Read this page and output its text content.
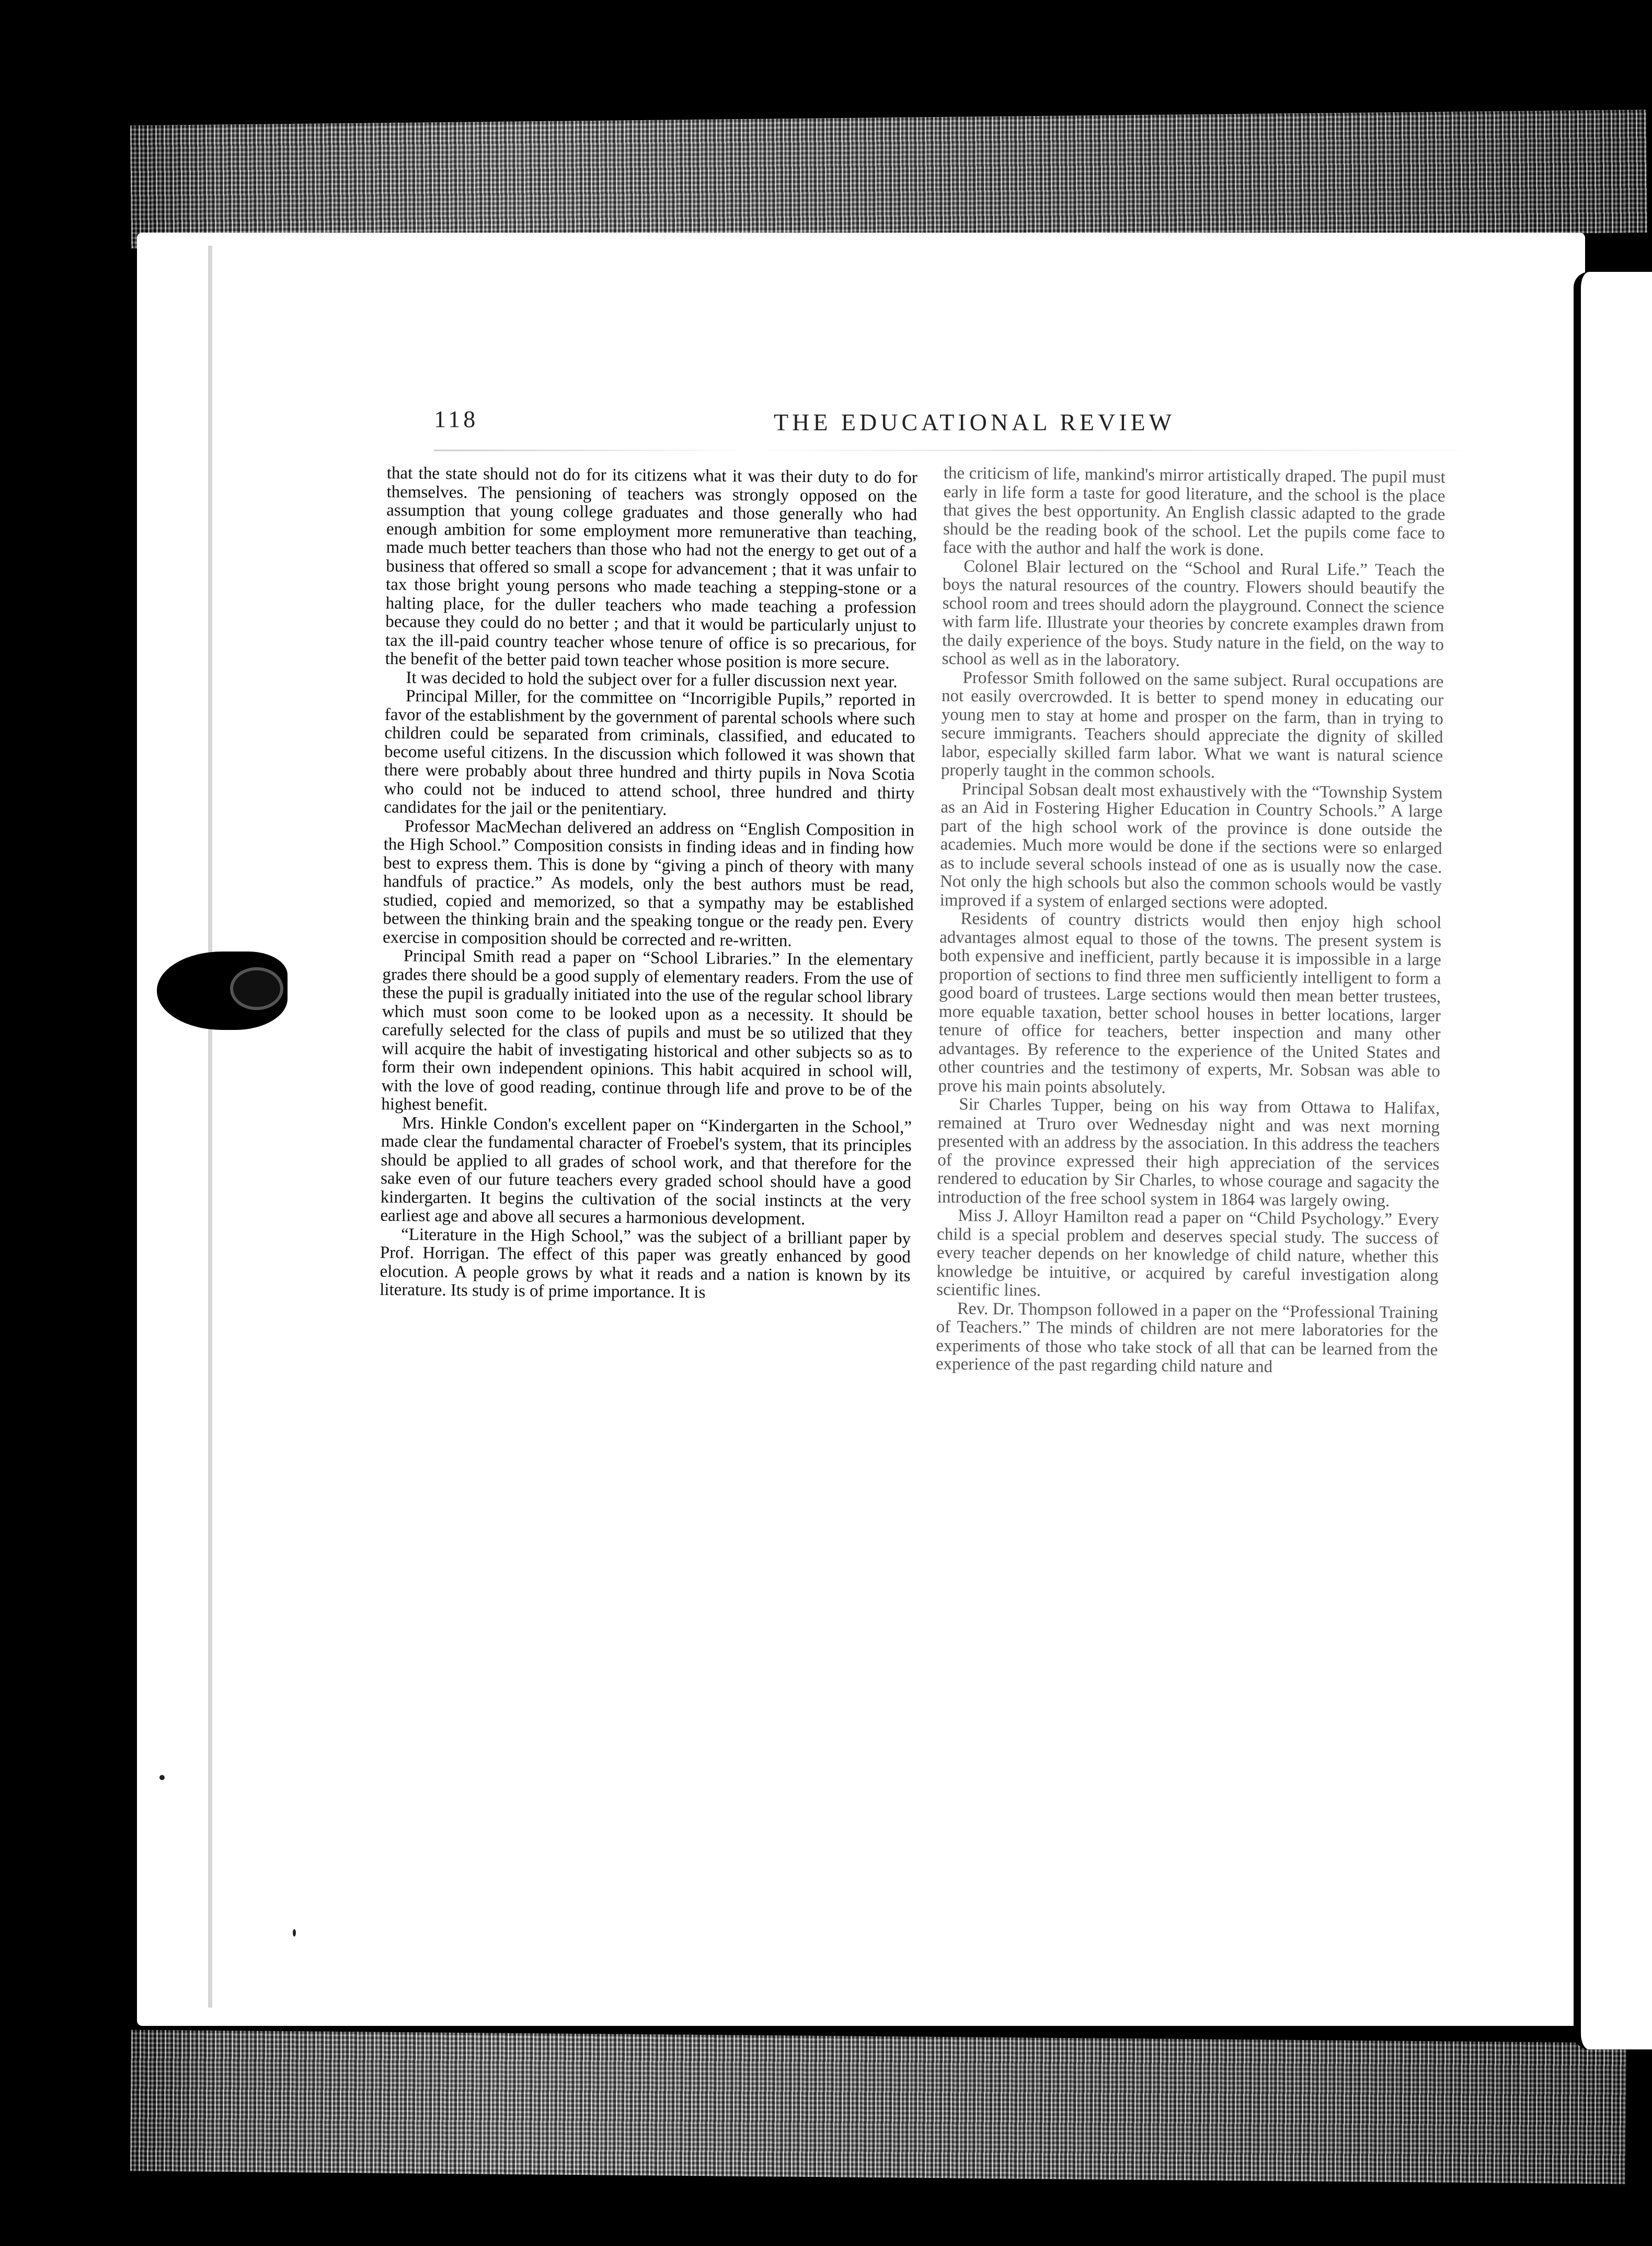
118	THE EDUCATIONAL REVIEW

that the state should not do for its citizens what it was their duty to do for themselves. The pensioning of teachers was strongly opposed on the assumption that young college graduates and those generally who had enough ambition for some employment more remunerative than teaching, made much better teachers than those who had not the energy to get out of a business that offered so small a scope for advancement ; that it was unfair to tax those bright young persons who made teaching a stepping-stone or a halting place, for the duller teachers who made teaching a profession because they could do no better ; and that it would be particularly unjust to tax the ill-paid country teacher whose tenure of office is so precarious, for the benefit of the better paid town teacher whose position is more secure.

It was decided to hold the subject over for a fuller discussion next year.

Principal Miller, for the committee on “Incorrigible Pupils,” reported in favor of the establishment by the government of parental schools where such children could be separated from criminals, classified, and educated to become useful citizens. In the discussion which followed it was shown that there were probably about three hundred and thirty pupils in Nova Scotia who could not be induced to attend school, three hundred and thirty candidates for the jail or the penitentiary.

Professor MacMechan delivered an address on “English Composition in the High School.” Composition consists in finding ideas and in finding how best to express them. This is done by “giving a pinch of theory with many handfuls of practice.” As models, only the best authors must be read, studied, copied and memorized, so that a sympathy may be established between the thinking brain and the speaking tongue or the ready pen. Every exercise in composition should be corrected and re-written.

Principal Smith read a paper on “School Libraries.” In the elementary grades there should be a good supply of elementary readers. From the use of these the pupil is gradually initiated into the use of the regular school library which must soon come to be looked upon as a necessity. It should be carefully selected for the class of pupils and must be so utilized that they will acquire the habit of investigating historical and other subjects so as to form their own independent opinions. This habit acquired in school will, with the love of good reading, continue through life and prove to be of the highest benefit.

Mrs. Hinkle Condon's excellent paper on “Kindergarten in the School,” made clear the fundamental character of Froebel's system, that its principles should be applied to all grades of school work, and that therefore for the sake even of our future teachers every graded school should have a good kindergarten. It begins the cultivation of the social instincts at the very earliest age and above all secures a harmonious development.

“Literature in the High School,” was the subject of a brilliant paper by Prof. Horrigan. The effect of this paper was greatly enhanced by good elocution. A people grows by what it reads and a nation is known by its literature. Its study is of prime importance. It is

the criticism of life, mankind's mirror artistically draped. The pupil must early in life form a taste for good literature, and the school is the place that gives the best opportunity. An English classic adapted to the grade should be the reading book of the school. Let the pupils come face to face with the author and half the work is done.

Colonel Blair lectured on the “School and Rural Life.” Teach the boys the natural resources of the country. Flowers should beautify the school room and trees should adorn the playground. Connect the science with farm life. Illustrate your theories by concrete examples drawn from the daily experience of the boys. Study nature in the field, on the way to school as well as in the laboratory.

Professor Smith followed on the same subject. Rural occupations are not easily overcrowded. It is better to spend money in educating our young men to stay at home and prosper on the farm, than in trying to secure immigrants. Teachers should appreciate the dignity of skilled labor, especially skilled farm labor. What we want is natural science properly taught in the common schools.

Principal Sobsan dealt most exhaustively with the “Township System as an Aid in Fostering Higher Education in Country Schools.” A large part of the high school work of the province is done outside the academies. Much more would be done if the sections were so enlarged as to include several schools instead of one as is usually now the case. Not only the high schools but also the common schools would be vastly improved if a system of enlarged sections were adopted.

Residents of country districts would then enjoy high school advantages almost equal to those of the towns. The present system is both expensive and inefficient, partly because it is impossible in a large proportion of sections to find three men sufficiently intelligent to form a good board of trustees. Large sections would then mean better trustees, more equable taxation, better school houses in better locations, larger tenure of office for teachers, better inspection and many other advantages. By reference to the experience of the United States and other countries and the testimony of experts, Mr. Sobsan was able to prove his main points absolutely.

Sir Charles Tupper, being on his way from Ottawa to Halifax, remained at Truro over Wednesday night and was next morning presented with an address by the association. In this address the teachers of the province expressed their high appreciation of the services rendered to education by Sir Charles, to whose courage and sagacity the introduction of the free school system in 1864 was largely owing.

Miss J. Alloyr Hamilton read a paper on “Child Psychology.” Every child is a special problem and deserves special study. The success of every teacher depends on her knowledge of child nature, whether this knowledge be intuitive, or acquired by careful investigation along scientific lines.

Rev. Dr. Thompson followed in a paper on the “Professional Training of Teachers.” The minds of children are not mere laboratories for the experiments of those who take stock of all that can be learned from the experience of the past regarding child nature and
